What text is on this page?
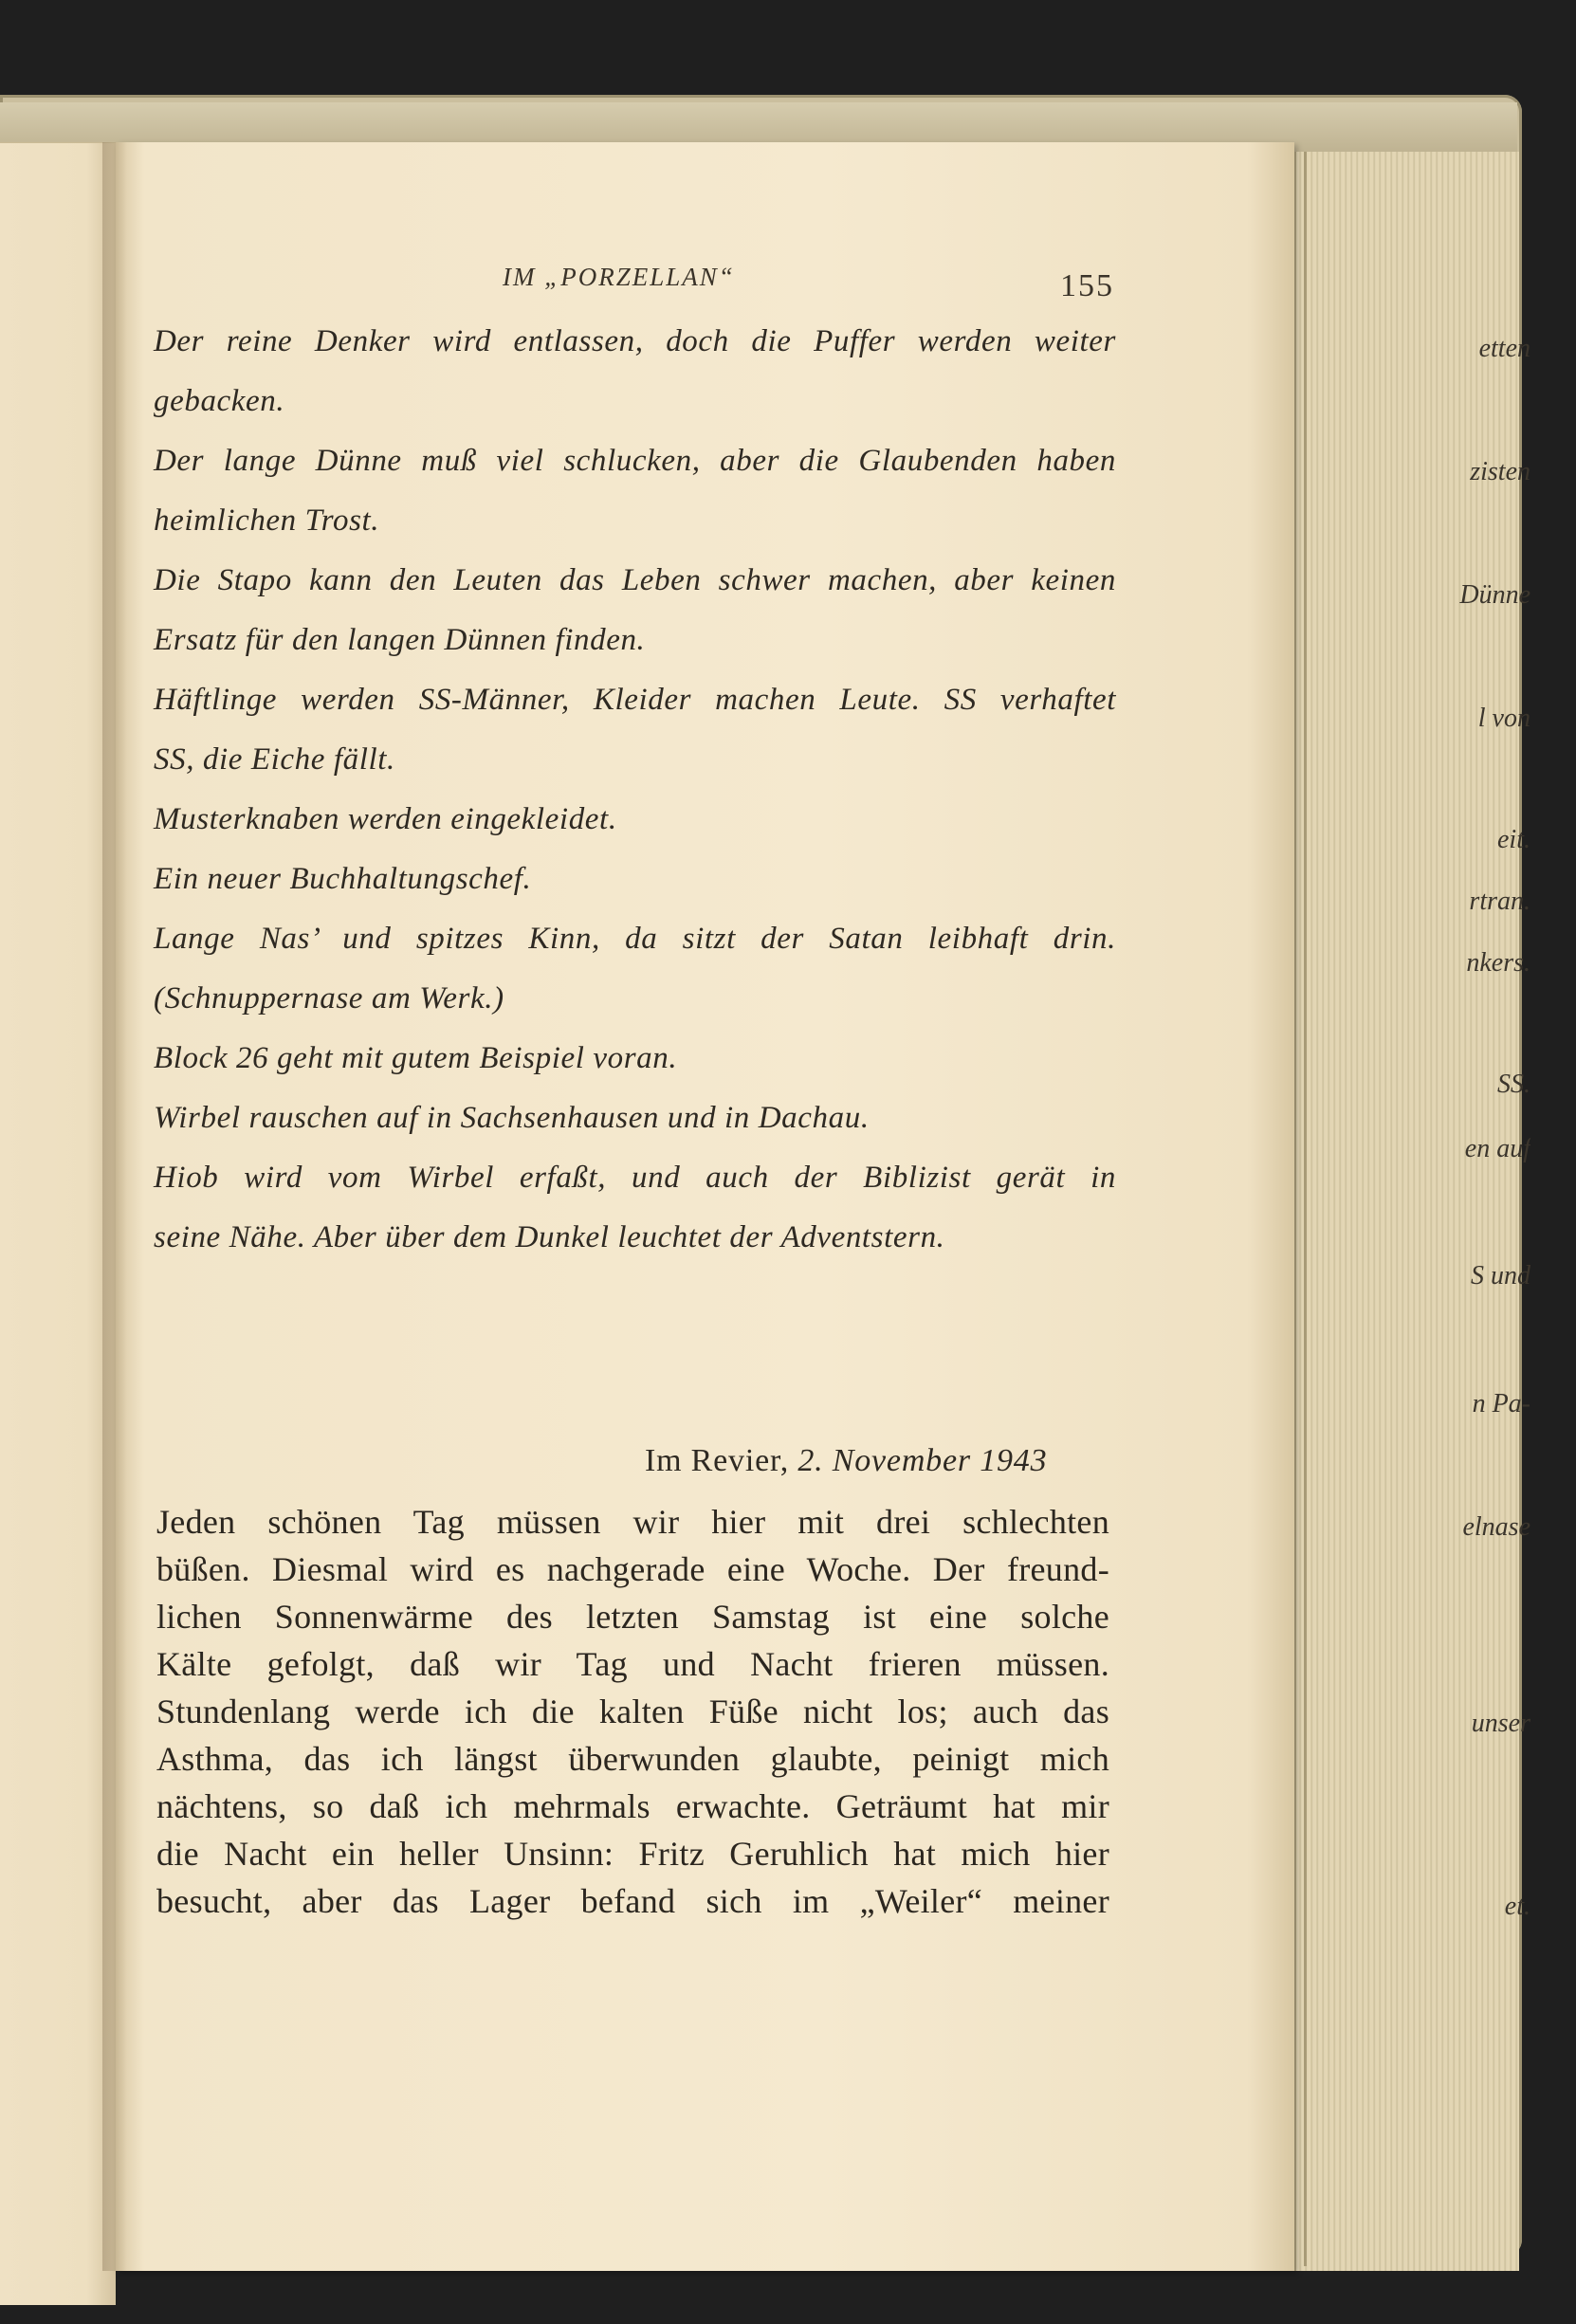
etten
zisten
Dünne
l von
eit.
rtran.
nkers.
SS.
en auf
S und
n Pa-
elnase
unser
et.
IM „PORZELLAN“	155
Der reine Denker wird entlassen, doch die Puffer werden weiter
gebacken.
Der lange Dünne muß viel schlucken, aber die Glaubenden haben
heimlichen Trost.
Die Stapo kann den Leuten das Leben schwer machen, aber keinen
Ersatz für den langen Dünnen finden.
Häftlinge werden SS-Männer, Kleider machen Leute. SS verhaftet
SS, die Eiche fällt.
Musterknaben werden eingekleidet.
Ein neuer Buchhaltungschef.
Lange Nas’ und spitzes Kinn, da sitzt der Satan leibhaft drin.
(Schnuppernase am Werk.)
Block 26 geht mit gutem Beispiel voran.
Wirbel rauschen auf in Sachsenhausen und in Dachau.
Hiob wird vom Wirbel erfaßt, und auch der Biblizist gerät in
seine Nähe. Aber über dem Dunkel leuchtet der Adventstern.
Im Revier, 2. November 1943
Jeden schönen Tag müssen wir hier mit drei schlechten
büßen. Diesmal wird es nachgerade eine Woche. Der freund-
lichen Sonnenwärme des letzten Samstag ist eine solche
Kälte gefolgt, daß wir Tag und Nacht frieren müssen.
Stundenlang werde ich die kalten Füße nicht los; auch das
Asthma, das ich längst überwunden glaubte, peinigt mich
nächtens, so daß ich mehrmals erwachte. Geträumt hat mir
die Nacht ein heller Unsinn: Fritz Geruhlich hat mich hier
besucht, aber das Lager befand sich im „Weiler“ meiner
